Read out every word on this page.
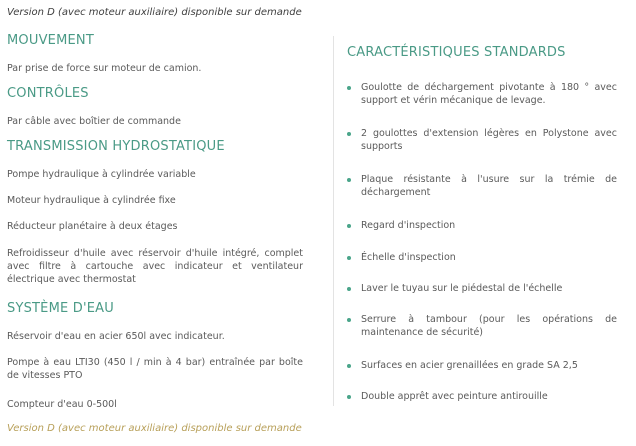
Version D (avec moteur auxiliaire) disponible sur demande
MOUVEMENT
Par prise de force sur moteur de camion.
CONTRÔLES
Par câble avec boîtier de commande
TRANSMISSION HYDROSTATIQUE
Pompe hydraulique à cylindrée variable
Moteur hydraulique à cylindrée fixe
Réducteur planétaire à deux étages
Refroidisseur d'huile avec réservoir d'huile intégré, complet avec filtre à cartouche avec indicateur et ventilateur électrique avec thermostat
SYSTÈME D'EAU
Réservoir d'eau en acier 650l avec indicateur.
Pompe à eau LTI30 (450 l / min à 4 bar) entraînée par boîte de vitesses PTO
Compteur d'eau 0-500l
CARACTÉRISTIQUES STANDARDS
Goulotte de déchargement pivotante à 180 ° avec support et vérin mécanique de levage.
2 goulottes d'extension légères en Polystone avec supports
Plaque résistante à l'usure sur la trémie de déchargement
Regard d'inspection
Échelle d'inspection
Laver le tuyau sur le piédestal de l'échelle
Serrure à tambour (pour les opérations de maintenance de sécurité)
Surfaces en acier grenaillées en grade SA 2,5
Double apprêt avec peinture antirouille
Version D (avec moteur auxiliaire) disponible sur demande
